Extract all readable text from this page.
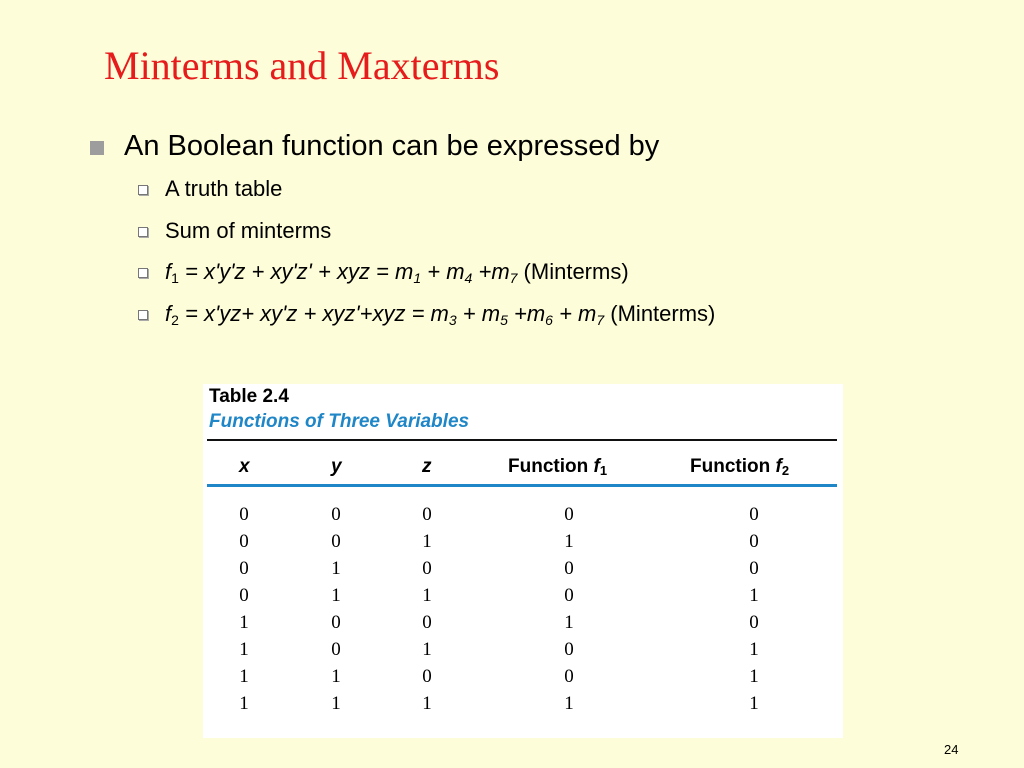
Minterms and Maxterms
An Boolean function can be expressed by
A truth table
Sum of minterms
$f_1 = x'y'z + xy'z'$ + xyz = $m_1 + m_4 +m_7$ (Minterms)
$f_2 = x'yz+ xy'z + xyz'+xyz = m_3 + m_5 +m_6 + m_7$ (Minterms)
Table 2.4
Functions of Three Variables
x	y	z	Function $f_1$	Function $f_2$
0	0	0	0	0
0	0	1	1	0
0	1	0	0	0
0	1	1	0	1
1	0	0	1	0
1	0	1	0	1
1	1	0	0	1
1	1	1	1	1
24
